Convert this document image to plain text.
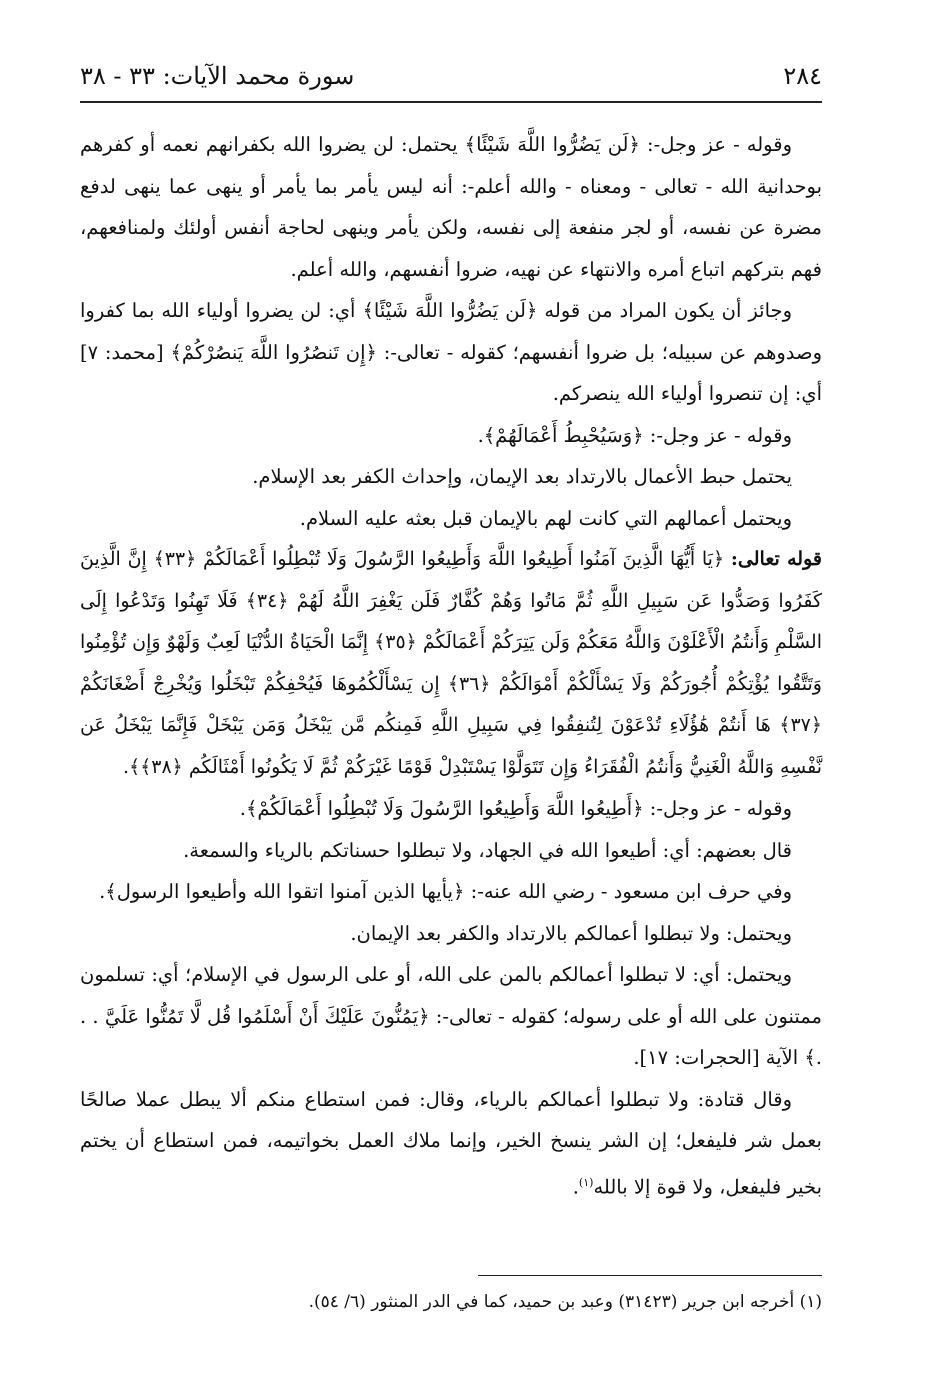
٢٨٤
سورة محمد الآيات: ٣٣ - ٣٨

وقوله - عز وجل-: ﴿لَن يَضُرُّوا اللَّهَ شَيْئًا﴾ يحتمل: لن يضروا الله بكفرانهم نعمه أو كفرهم بوحدانية الله - تعالى - ومعناه - والله أعلم-: أنه ليس يأمر بما يأمر أو ينهى عما ينهى لدفع مضرة عن نفسه، أو لجر منفعة إلى نفسه، ولكن يأمر وينهى لحاجة أنفس أولئك ولمنافعهم، فهم بتركهم اتباع أمره والانتهاء عن نهيه، ضروا أنفسهم، والله أعلم.

وجائز أن يكون المراد من قوله ﴿لَن يَضُرُّوا اللَّهَ شَيْئًا﴾ أي: لن يضروا أولياء الله بما كفروا وصدوهم عن سبيله؛ بل ضروا أنفسهم؛ كقوله - تعالى-: ﴿إِن تَنصُرُوا اللَّهَ يَنصُرْكُمْ﴾ [محمد: ٧] أي: إن تنصروا أولياء الله ينصركم.

وقوله - عز وجل-: ﴿وَسَيُحْبِطُ أَعْمَالَهُمْ﴾.

يحتمل حبط الأعمال بالارتداد بعد الإيمان، وإحداث الكفر بعد الإسلام.

ويحتمل أعمالهم التي كانت لهم بالإيمان قبل بعثه عليه السلام.

قوله تعالى: ﴿يَا أَيُّهَا الَّذِينَ آمَنُوا أَطِيعُوا اللَّهَ وَأَطِيعُوا الرَّسُولَ وَلَا تُبْطِلُوا أَعْمَالَكُمْ ﴿٣٣﴾ إِنَّ الَّذِينَ كَفَرُوا وَصَدُّوا عَن سَبِيلِ اللَّهِ ثُمَّ مَاتُوا وَهُمْ كُفَّارٌ فَلَن يَغْفِرَ اللَّهُ لَهُمْ ﴿٣٤﴾ فَلَا تَهِنُوا وَتَدْعُوا إِلَى السَّلْمِ وَأَنتُمُ الْأَعْلَوْنَ وَاللَّهُ مَعَكُمْ وَلَن يَتِرَكُمْ أَعْمَالَكُمْ ﴿٣٥﴾ إِنَّمَا الْحَيَاةُ الدُّنْيَا لَعِبٌ وَلَهْوٌ وَإِن تُؤْمِنُوا وَتَتَّقُوا يُؤْتِكُمْ أُجُورَكُمْ وَلَا يَسْأَلْكُمْ أَمْوَالَكُمْ ﴿٣٦﴾ إِن يَسْأَلْكُمُوهَا فَيُحْفِكُمْ تَبْخَلُوا وَيُخْرِجْ أَضْغَانَكُمْ ﴿٣٧﴾ هَا أَنتُمْ هَٰؤُلَاءِ تُدْعَوْنَ لِتُنفِقُوا فِي سَبِيلِ اللَّهِ فَمِنكُم مَّن يَبْخَلُ وَمَن يَبْخَلْ فَإِنَّمَا يَبْخَلُ عَن نَّفْسِهِ وَاللَّهُ الْغَنِيُّ وَأَنتُمُ الْفُقَرَاءُ وَإِن تَتَوَلَّوْا يَسْتَبْدِلْ قَوْمًا غَيْرَكُمْ ثُمَّ لَا يَكُونُوا أَمْثَالَكُم ﴿٣٨﴾﴾.

وقوله - عز وجل-: ﴿أَطِيعُوا اللَّهَ وَأَطِيعُوا الرَّسُولَ وَلَا تُبْطِلُوا أَعْمَالَكُمْ﴾.

قال بعضهم: أي: أطيعوا الله في الجهاد، ولا تبطلوا حسناتكم بالرياء والسمعة.

وفي حرف ابن مسعود - رضي الله عنه-: ﴿يأيها الذين آمنوا اتقوا الله وأطيعوا الرسول﴾.

ويحتمل: ولا تبطلوا أعمالكم بالارتداد والكفر بعد الإيمان.

ويحتمل: أي: لا تبطلوا أعمالكم بالمن على الله، أو على الرسول في الإسلام؛ أي: تسلمون ممتنون على الله أو على رسوله؛ كقوله - تعالى-: ﴿يَمُنُّونَ عَلَيْكَ أَنْ أَسْلَمُوا قُل لَّا تَمُنُّوا عَلَيَّ . . .﴾ الآية [الحجرات: ١٧].

وقال قتادة: ولا تبطلوا أعمالكم بالرياء، وقال: فمن استطاع منكم ألا يبطل عملا صالحًا بعمل شر فليفعل؛ إن الشر ينسخ الخير، وإنما ملاك العمل بخواتيمه، فمن استطاع أن يختم بخير فليفعل، ولا قوة إلا بالله$^{(١)}$.

(١) أخرجه ابن جرير (٣١٤٢٣) وعبد بن حميد، كما في الدر المنثور (٦/ ٥٤).
